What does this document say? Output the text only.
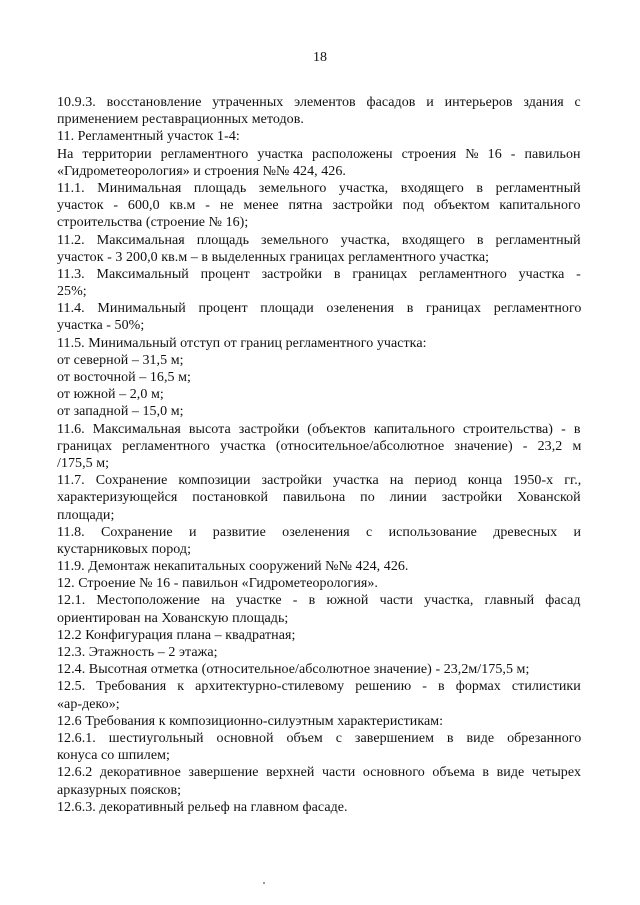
18

10.9.3. восстановление утраченных элементов фасадов и интерьеров здания с
применением реставрационных методов.

11. Регламентный участок 1-4:

На территории регламентного участка расположены строения № 16 - павильон
«Гидрометеорология» и строения №№ 424, 426.

11.1. Минимальная площадь земельного участка, входящего в регламентный
участок - 600,0 кв.м - не менее пятна застройки под объектом капитального
строительства (строение № 16);

11.2. Максимальная площадь земельного участка, входящего в регламентный
участок - 3 200,0 кв.м – в выделенных границах регламентного участка;

11.3. Максимальный процент застройки в границах регламентного участка -
25%;

11.4. Минимальный процент площади озеленения в границах регламентного
участка - 50%;

11.5. Минимальный отступ от границ регламентного участка:

от северной – 31,5 м;

от восточной – 16,5 м;

от южной – 2,0 м;

от западной – 15,0 м;

11.6. Максимальная высота застройки (объектов капитального строительства) - в
границах регламентного участка (относительное/абсолютное значение) - 23,2 м
/175,5 м;

11.7. Сохранение композиции застройки участка на период конца 1950-х гг.,
характеризующейся постановкой павильона по линии застройки Хованской
площади;

11.8. Сохранение и развитие озеленения с использование древесных и
кустарниковых пород;

11.9. Демонтаж некапитальных сооружений №№ 424, 426.

12. Строение № 16 - павильон «Гидрометеорология».

12.1. Местоположение на участке - в южной части участка, главный фасад
ориентирован на Хованскую площадь;

12.2 Конфигурация плана – квадратная;

12.3. Этажность – 2 этажа;

12.4. Высотная отметка (относительное/абсолютное значение) - 23,2м/175,5 м;

12.5. Требования к архитектурно-стилевому решению - в формах стилистики
«ар-деко»;

12.6 Требования к композиционно-силуэтным характеристикам:

12.6.1. шестиугольный основной объем с завершением в виде обрезанного
конуса со шпилем;

12.6.2 декоративное завершение верхней части основного объема в виде четырех
арказурных поясков;

12.6.3. декоративный рельеф на главном фасаде.
